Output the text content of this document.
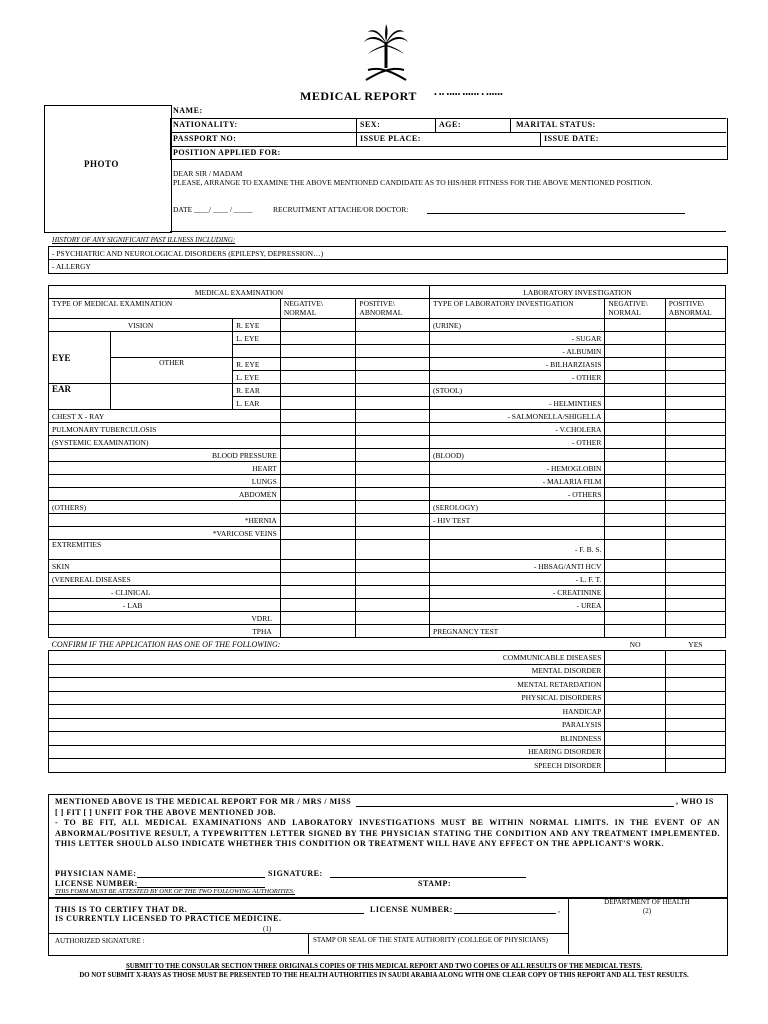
MEDICAL REPORT • •• ••••• •••••• • ••••••
PHOTO
NAME:
NATIONALITY:	SEX:	AGE:	MARITAL STATUS:
PASSPORT NO:	ISSUE PLACE:	ISSUE DATE:
POSITION APPLIED FOR:
DEAR SIR / MADAM
PLEASE, ARRANGE TO EXAMINE THE ABOVE MENTIONED CANDIDATE AS TO HIS/HER FITNESS FOR THE ABOVE MENTIONED POSITION.
DATE ____/ ____ / _____	RECRUITMENT ATTACHE/OR DOCTOR:
HISTORY OF ANY SIGNIFICANT PAST ILLNESS INCLUDING:
- PSYCHIATRIC AND NEUROLOGICAL DISORDERS (EPILEPSY, DEPRESSION…)
- ALLERGY
MEDICAL EXAMINATION					LABORATORY INVESTIGATION		
TYPE OF MEDICAL EXAMINATION			NEGATIVE\ NORMAL	POSITIVE\ ABNORMAL	TYPE OF LABORATORY INVESTIGATION	NEGATIVE\ NORMAL	POSITIVE\ ABNORMAL
VISION		R. EYE			(URINE)		
EYE		L. EYE			- SUGAR		
					- ALBUMIN		
	OTHER	R. EYE			- BILHARZIASIS		
		L. EYE			- OTHER		
EAR		R. EAR			(STOOL)		
		L. EAR			- HELMINTHES		
CHEST X - RAY					- SALMONELLA/SHIGELLA		
PULMONARY TUBERCULOSIS					- V.CHOLERA		
(SYSTEMIC EXAMINATION)					- OTHER		
BLOOD PRESSURE					(BLOOD)		
HEART					- HEMOGLOBIN		
LUNGS					- MALARIA FILM		
ABDOMEN					- OTHERS		
(OTHERS)					(SEROLOGY)		
*HERNIA					- HIV TEST		
*VARICOSE VEINS							
EXTREMITIES					- F. B. S.		
SKIN					- HBSAG/ANTI HCV		
(VENEREAL DISEASES					- L. F. T.		
- CLINICAL					- CREATININE		
- LAB					- UREA		
VDRL							
TPHA					PREGNANCY TEST		
CONFIRM IF THE APPLICATION HAS ONE OF THE FOLLOWING:						NO	YES
COMMUNICABLE DISEASES							
MENTAL DISORDER							
MENTAL RETARDATION							
PHYSICAL DISORDERS							
HANDICAP							
PARALYSIS							
BLINDNESS							
HEARING DISORDER							
SPEECH DISORDER							
MENTIONED ABOVE IS THE MEDICAL REPORT FOR MR / MRS / MISS	, WHO IS
[ ] FIT [ ] UNFIT FOR THE ABOVE MENTIONED JOB.
- TO BE FIT, ALL MEDICAL EXAMINATIONS AND LABORATORY INVESTIGATIONS MUST BE WITHIN NORMAL LIMITS. IN THE EVENT OF AN ABNORMAL/POSITIVE RESULT, A TYPEWRITTEN LETTER SIGNED BY THE PHYSICIAN STATING THE CONDITION AND ANY TREATMENT IMPLEMENTED. THIS LETTER SHOULD ALSO INDICATE WHETHER THIS CONDITION OR TREATMENT WILL HAVE ANY EFFECT ON THE APPLICANT'S WORK.
PHYSICIAN NAME:	SIGNATURE:
LICENSE NUMBER:	STAMP:
THIS FORM MUST BE ATTESTED BY ONE OF THE TWO FOLLOWING AUTHORITIES:
THIS IS TO CERTIFY THAT DR.	LICENSE NUMBER:	,
IS CURRENTLY LICENSED TO PRACTICE MEDICINE.
(1)
AUTHORIZED SIGNATURE :	STAMP OR SEAL OF THE STATE AUTHORITY (COLLEGE OF PHYSICIANS)
DEPARTMENT OF HEALTH
(2)
SUBMIT TO THE CONSULAR SECTION THREE ORIGINALS COPIES OF THIS MEDICAL REPORT AND TWO COPIES OF ALL RESULTS OF THE MEDICAL TESTS.
DO NOT SUBMIT X-RAYS AS THOSE MUST BE PRESENTED TO THE HEALTH AUTHORITIES IN SAUDI ARABIA ALONG WITH ONE CLEAR COPY OF THIS REPORT AND ALL TEST RESULTS.
